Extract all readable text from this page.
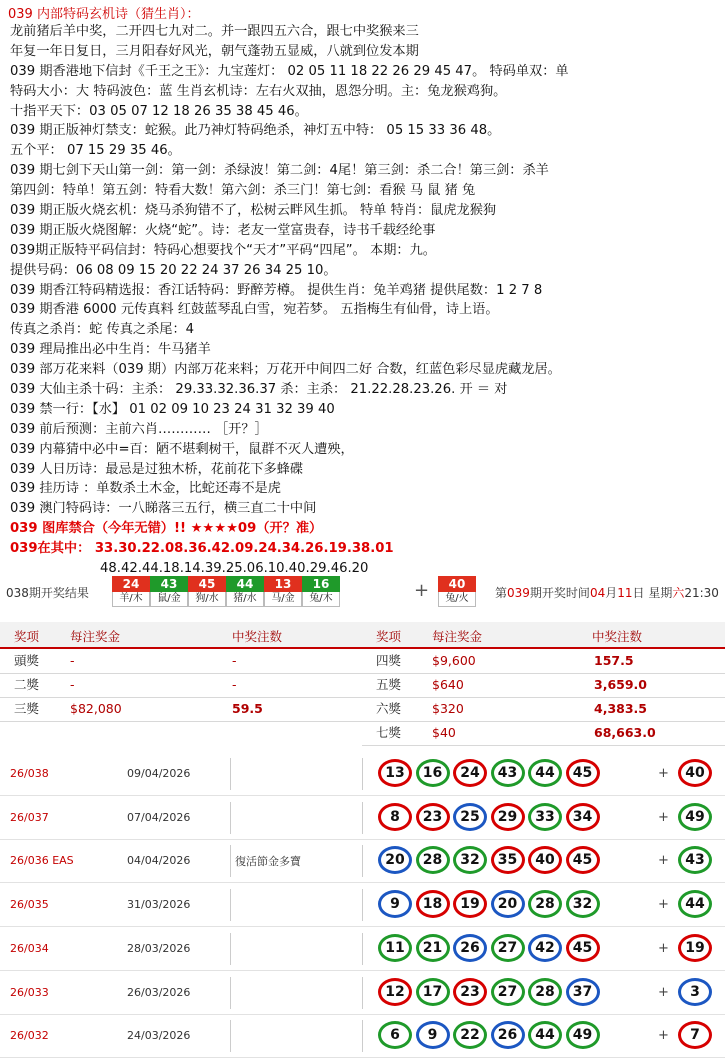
039 内部特码玄机诗（猜生肖）：
龙前猪后羊中奖，二开四七九对二。并一跟四五六合，跟七中奖猴来三
年复一年日复日，三月阳春好风光，朝气蓬勃五显威，八就到位发本期
039 期香港地下信封《千王之王》：九宝莲灯： 02 05 11 18 22 26 29 45 47。 特码单双：单
特码大小：大 特码波色：蓝 生肖玄机诗：左右火双抽，恩怨分明。主：兔龙猴鸡狗。
十指平天下：03 05 07 12 18 26 35 38 45 46。
039 期正版神灯禁支：蛇猴。此乃神灯特码绝杀，神灯五中特： 05 15 33 36 48。
五个平： 07 15 29 35 46。
039 期七剑下天山第一剑：第一剑：杀绿波！第二剑：4尾！第三剑：杀二合！第三剑：杀羊
第四剑：特单！第五剑：特看大数！第六剑：杀三门！第七剑：看猴 马 鼠 猪 兔
039 期正版火烧玄机：烧马杀狗错不了，松树云畔风生抓。 特单 特肖：鼠虎龙猴狗
039 期正版火烧图解：火烧“蛇”。诗：老友一堂富贵春，诗书千载经纶事
039期正版特平码信封：特码心想要找个“天才”平码“四尾”。 本期：九。
提供号码：06 08 09 15 20 22 24 37 26 34 25 10。
039 期香江特码精选报：香江话特码：野醉芳樽。 提供生肖：兔羊鸡猪 提供尾数：1 2 7 8
039 期香港 6000 元传真料 红鼓蓝琴乱白雪，宛若梦。 五指梅生有仙骨，诗上语。
传真之杀肖：蛇 传真之杀尾：4
039 理局推出必中生肖：牛马猪羊
039 部万花来料（039 期）内部万花来料；万花开中间四二好 合数，红蓝色彩尽显虎藏龙居。
039 大仙主杀十码：主杀： 29.33.32.36.37 杀：主杀： 21.22.28.23.26. 开 ＝ 对
039 禁一行：【水】 01 02 09 10 23 24 31 32 39 40
039 前后预测：主前六肖………… ［开？］
039 内幕猜中必中=百：陋不堪剩树干，鼠群不灭人遭殃，
039 人日历诗：最忌是过独木桥，花前花下多蜂碟
039 挂历诗 ：单数杀土木金，比蛇还毒不是虎
039 澳门特码诗：一八睇落三五行，横三直二十中间
039 图库禁合（今年无错）!! ★★★★09（开？准）
039在其中： 33.30.22.08.36.42.09.24.34.26.19.38.01
48.42.44.18.14.39.25.06.10.40.29.46.20
038期开奖结果
24
羊/木
43
鼠/金
45
狗/水
44
猪/水
13
马/金
16
兔/木	+	40
兔/火	第039期开奖时间04月11日 星期六21:30
奖项 每注奖金	中奖注数	奖项 每注奖金	中奖注数
頭獎 -	-
二獎 -	-
三獎 $82,080	59.5
四獎 $9,600	157.5
五獎 $640	3,659.0
六獎 $320	4,383.5
七獎 $40	68,663.0
26/038	09/04/2026	13	16	24	43	44	45	+	40
26/037	07/04/2026	8	23	25	29	33	34	+	49
26/036 EAS	04/04/2026	復活節金多寶	20	28	32	35	40	45	+	43
26/035	31/03/2026	9	18	19	20	28	32	+	44
26/034	28/03/2026	11	21	26	27	42	45	+	19
26/033	26/03/2026	12	17	23	27	28	37	+	3
26/032	24/03/2026	6	9	22	26	44	49	+	7
